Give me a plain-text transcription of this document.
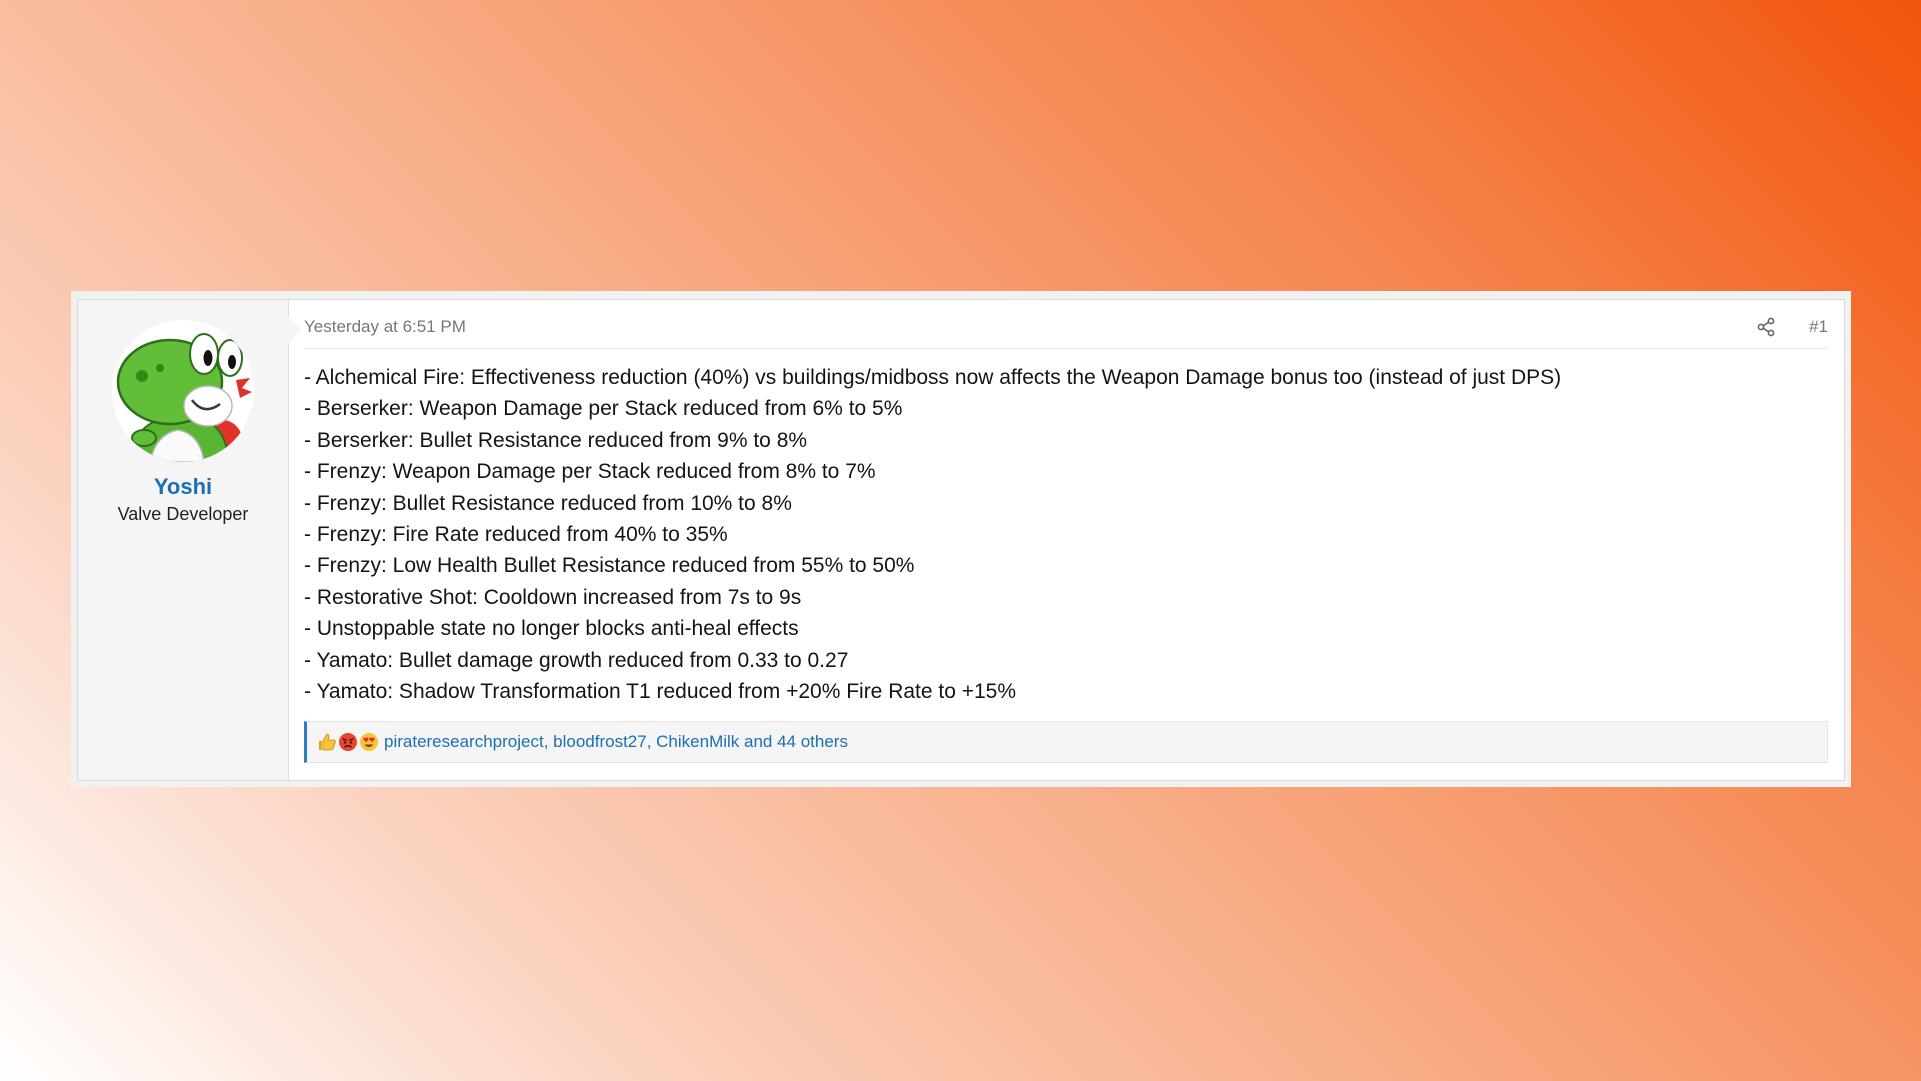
Yoshi
Valve Developer
Yesterday at 6:51 PM	#1
- Alchemical Fire: Effectiveness reduction (40%) vs buildings/midboss now affects the Weapon Damage bonus too (instead of just DPS)
- Berserker: Weapon Damage per Stack reduced from 6% to 5%
- Berserker: Bullet Resistance reduced from 9% to 8%
- Frenzy: Weapon Damage per Stack reduced from 8% to 7%
- Frenzy: Bullet Resistance reduced from 10% to 8%
- Frenzy: Fire Rate reduced from 40% to 35%
- Frenzy: Low Health Bullet Resistance reduced from 55% to 50%
- Restorative Shot: Cooldown increased from 7s to 9s
- Unstoppable state no longer blocks anti-heal effects
- Yamato: Bullet damage growth reduced from 0.33 to 0.27
- Yamato: Shadow Transformation T1 reduced from +20% Fire Rate to +15%
pirateresearchproject, bloodfrost27, ChikenMilk and 44 others
